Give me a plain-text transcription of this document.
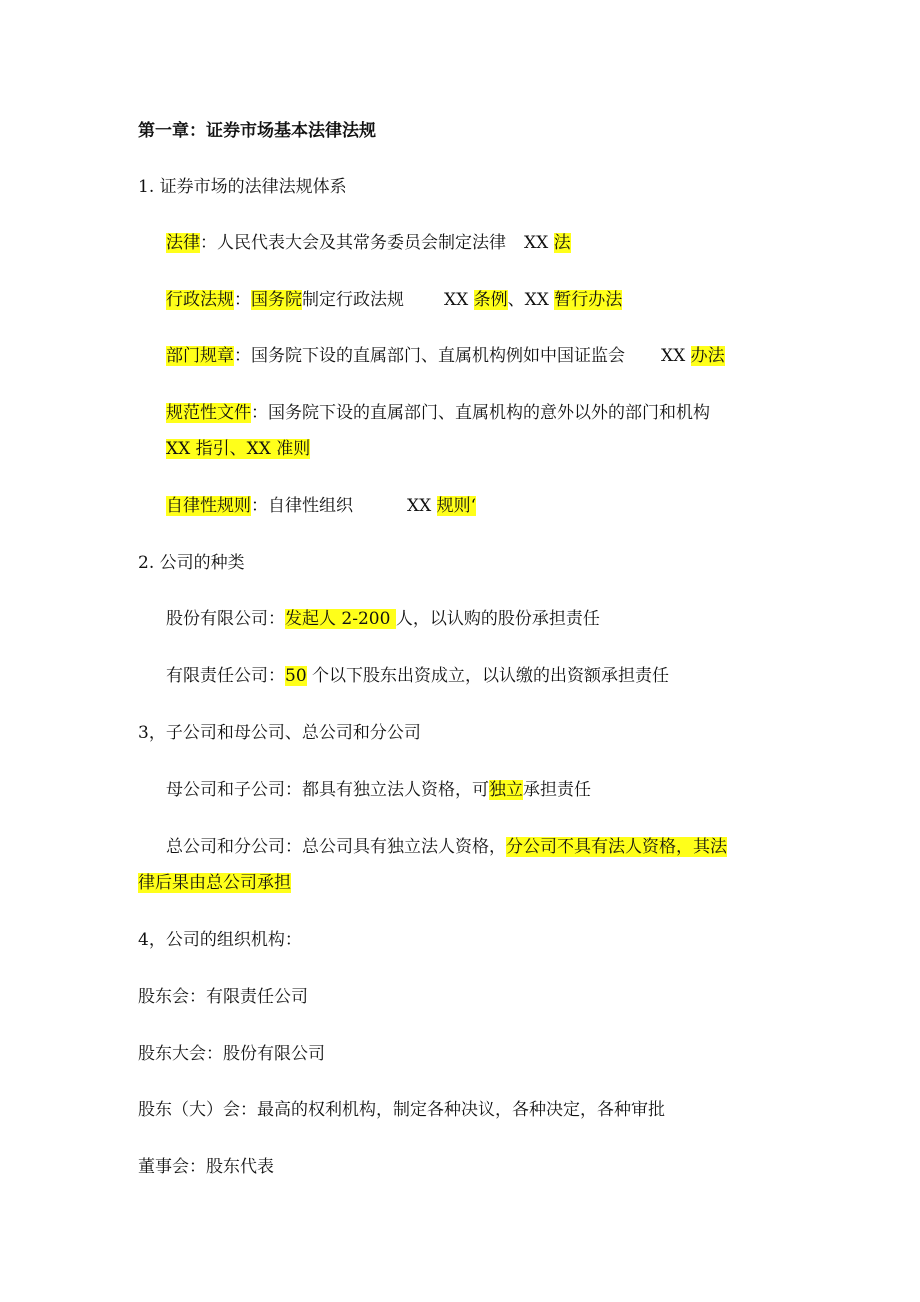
第一章：证券市场基本法律法规
1. 证券市场的法律法规体系
法律：人民代表大会及其常务委员会制定法律 XX 法
行政法规：国务院制定行政法规 XX 条例、XX 暂行办法
部门规章：国务院下设的直属部门、直属机构例如中国证监会 XX 办法
规范性文件：国务院下设的直属部门、直属机构的意外以外的部门和机构
XX 指引、XX 准则
自律性规则：自律性组织	XX 规则‘
2. 公司的种类
股份有限公司：发起人 2-200 人，以认购的股份承担责任
有限责任公司：50 个以下股东出资成立，以认缴的出资额承担责任
3，子公司和母公司、总公司和分公司
母公司和子公司：都具有独立法人资格，可独立承担责任
总公司和分公司：总公司具有独立法人资格，分公司不具有法人资格，其法
律后果由总公司承担
4，公司的组织机构：
股东会：有限责任公司
股东大会：股份有限公司
股东（大）会：最高的权利机构，制定各种决议，各种决定，各种审批
董事会：股东代表
